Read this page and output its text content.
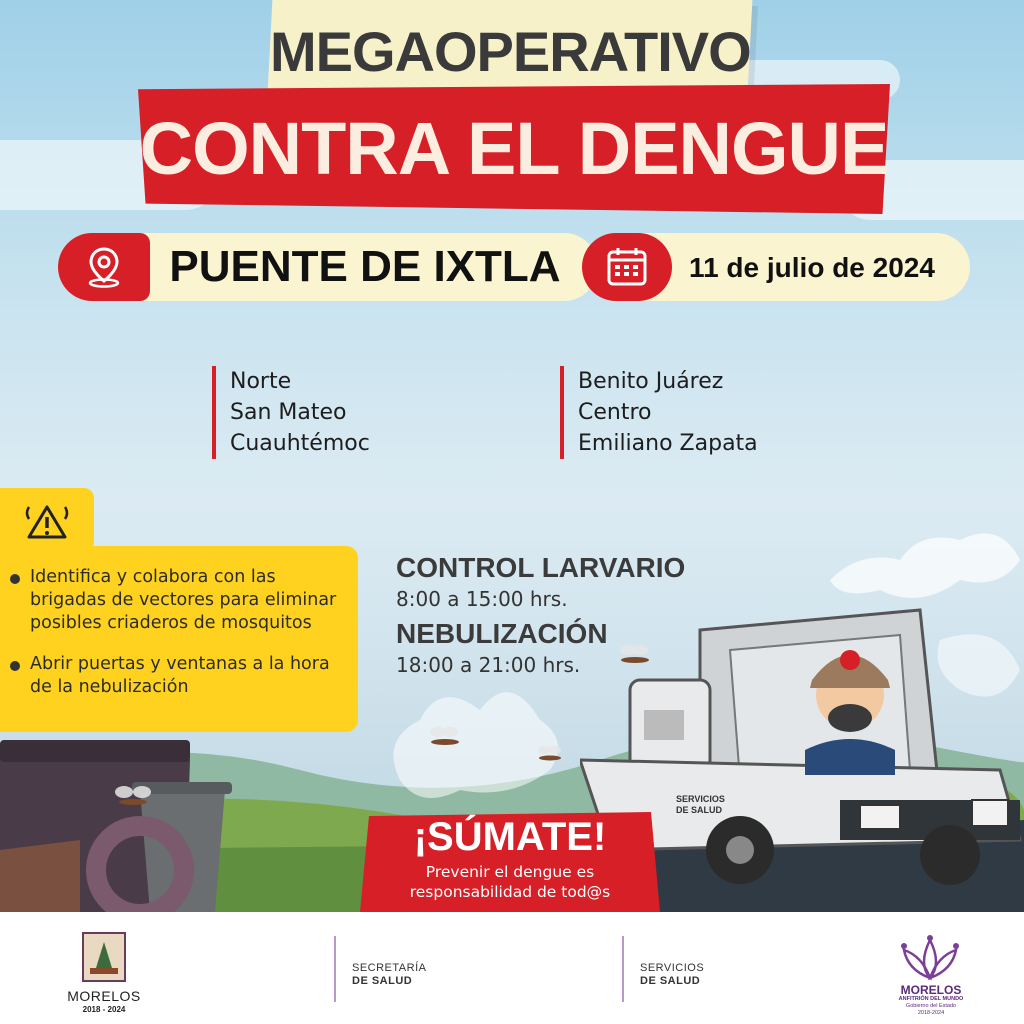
MEGAOPERATIVO
CONTRA EL DENGUE
PUENTE DE IXTLA	11 de julio de 2024
Norte
San Mateo
Cuauhtémoc
Benito Juárez
Centro
Emiliano Zapata
Identifica y colabora con las brigadas de vectores para eliminar posibles criaderos de mosquitos
Abrir puertas y ventanas a la hora de la nebulización
CONTROL LARVARIO
8:00 a 15:00 hrs.
NEBULIZACIÓN
18:00 a 21:00 hrs.
SERVICIOS
DE SALUD
¡SÚMATE!
Prevenir el dengue es
responsabilidad de tod@s
MORELOS
2018 - 2024
SECRETARÍA
DE SALUD
SERVICIOS
DE SALUD
MORELOS
ANFITRIÓN DEL MUNDO
Gobierno del Estado
2018-2024
